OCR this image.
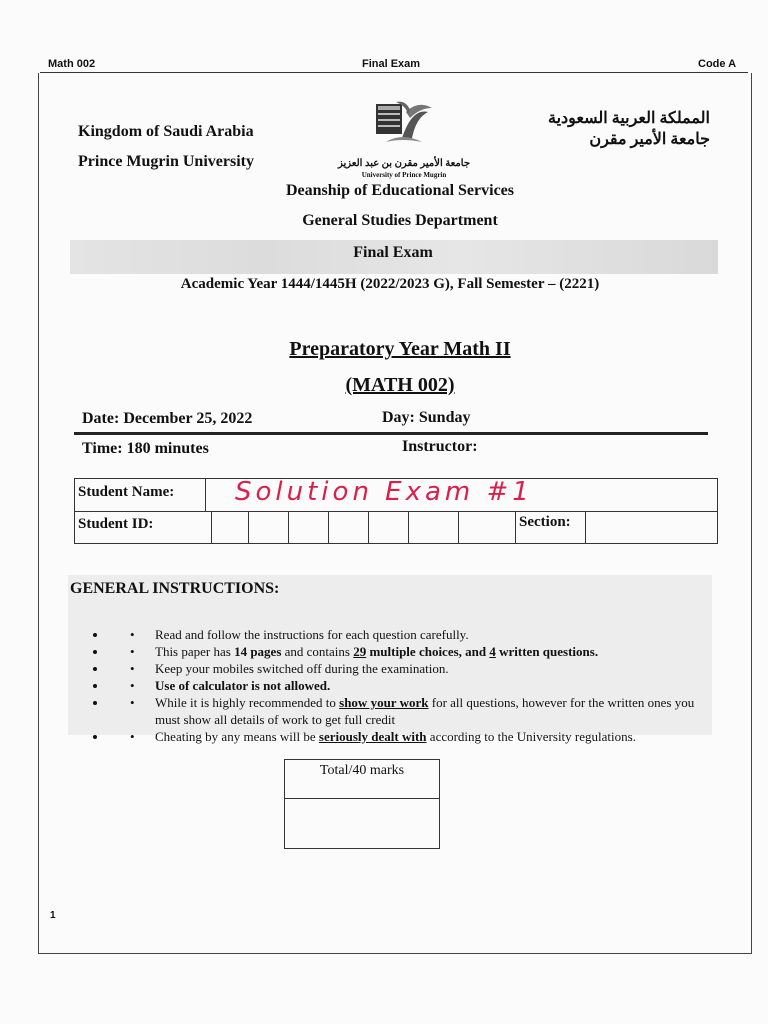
Math 002	Final Exam	Code A
Kingdom of Saudi Arabia
Prince Mugrin University
المملكة العربية السعودية
جامعة الأمير مقرن
جامعة الأمير مقرن بن عبد العزيز
University of Prince Mugrin
Deanship of Educational Services
General Studies Department
Final Exam
Academic Year 1444/1445H (2022/2023 G), Fall Semester – (2221)
Preparatory Year Math II
(MATH 002)
Date: December 25, 2022	Day: Sunday
Time: 180 minutes	Instructor:
Student Name: Solution Exam #1
Student ID:	Section:
GENERAL INSTRUCTIONS:
• • Read and follow the instructions for each question carefully.
• • This paper has 14 pages and contains 29 multiple choices, and 4 written questions.
• • Keep your mobiles switched off during the examination.
• • Use of calculator is not allowed.
• • While it is highly recommended to show your work for all questions, however for the written ones you must show all details of work to get full credit
• • Cheating by any means will be seriously dealt with according to the University regulations.
Total/40 marks
1
